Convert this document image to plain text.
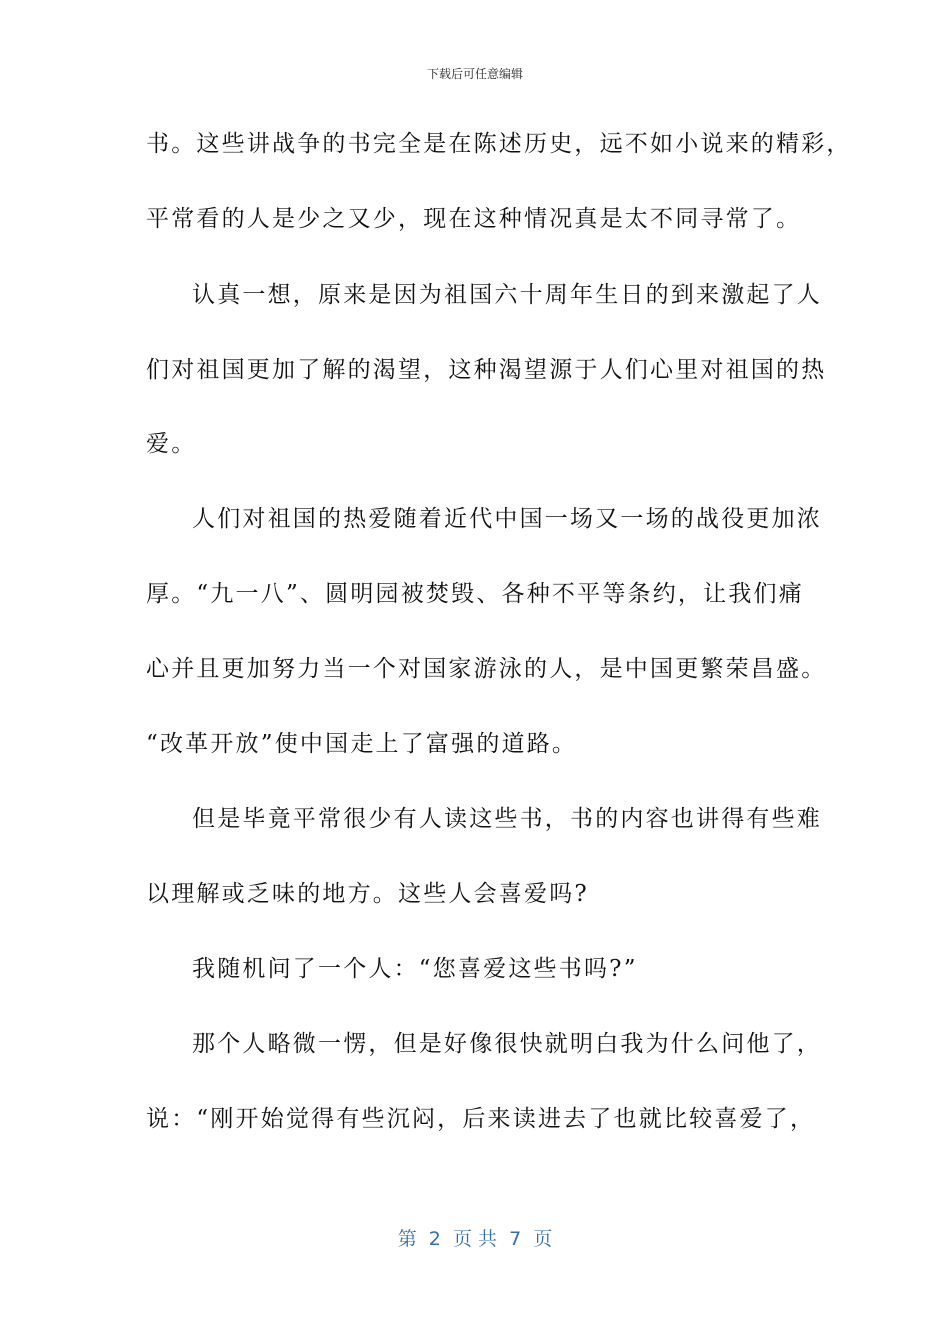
下载后可任意编辑
书。这些讲战争的书完全是在陈述历史，远不如小说来的精彩，
平常看的人是少之又少，现在这种情况真是太不同寻常了。
认真一想，原来是因为祖国六十周年生日的到来激起了人
们对祖国更加了解的渴望，这种渴望源于人们心里对祖国的热
爱。
人们对祖国的热爱随着近代中国一场又一场的战役更加浓
厚。“九一八”、圆明园被焚毁、各种不平等条约，让我们痛
心并且更加努力当一个对国家游泳的人，是中国更繁荣昌盛。
“改革开放”使中国走上了富强的道路。
但是毕竟平常很少有人读这些书，书的内容也讲得有些难
以理解或乏味的地方。这些人会喜爱吗?
我随机问了一个人：“您喜爱这些书吗?”
那个人略微一愣，但是好像很快就明白我为什么问他了，
说：“刚开始觉得有些沉闷，后来读进去了也就比较喜爱了，
第  2  页 共  7  页
